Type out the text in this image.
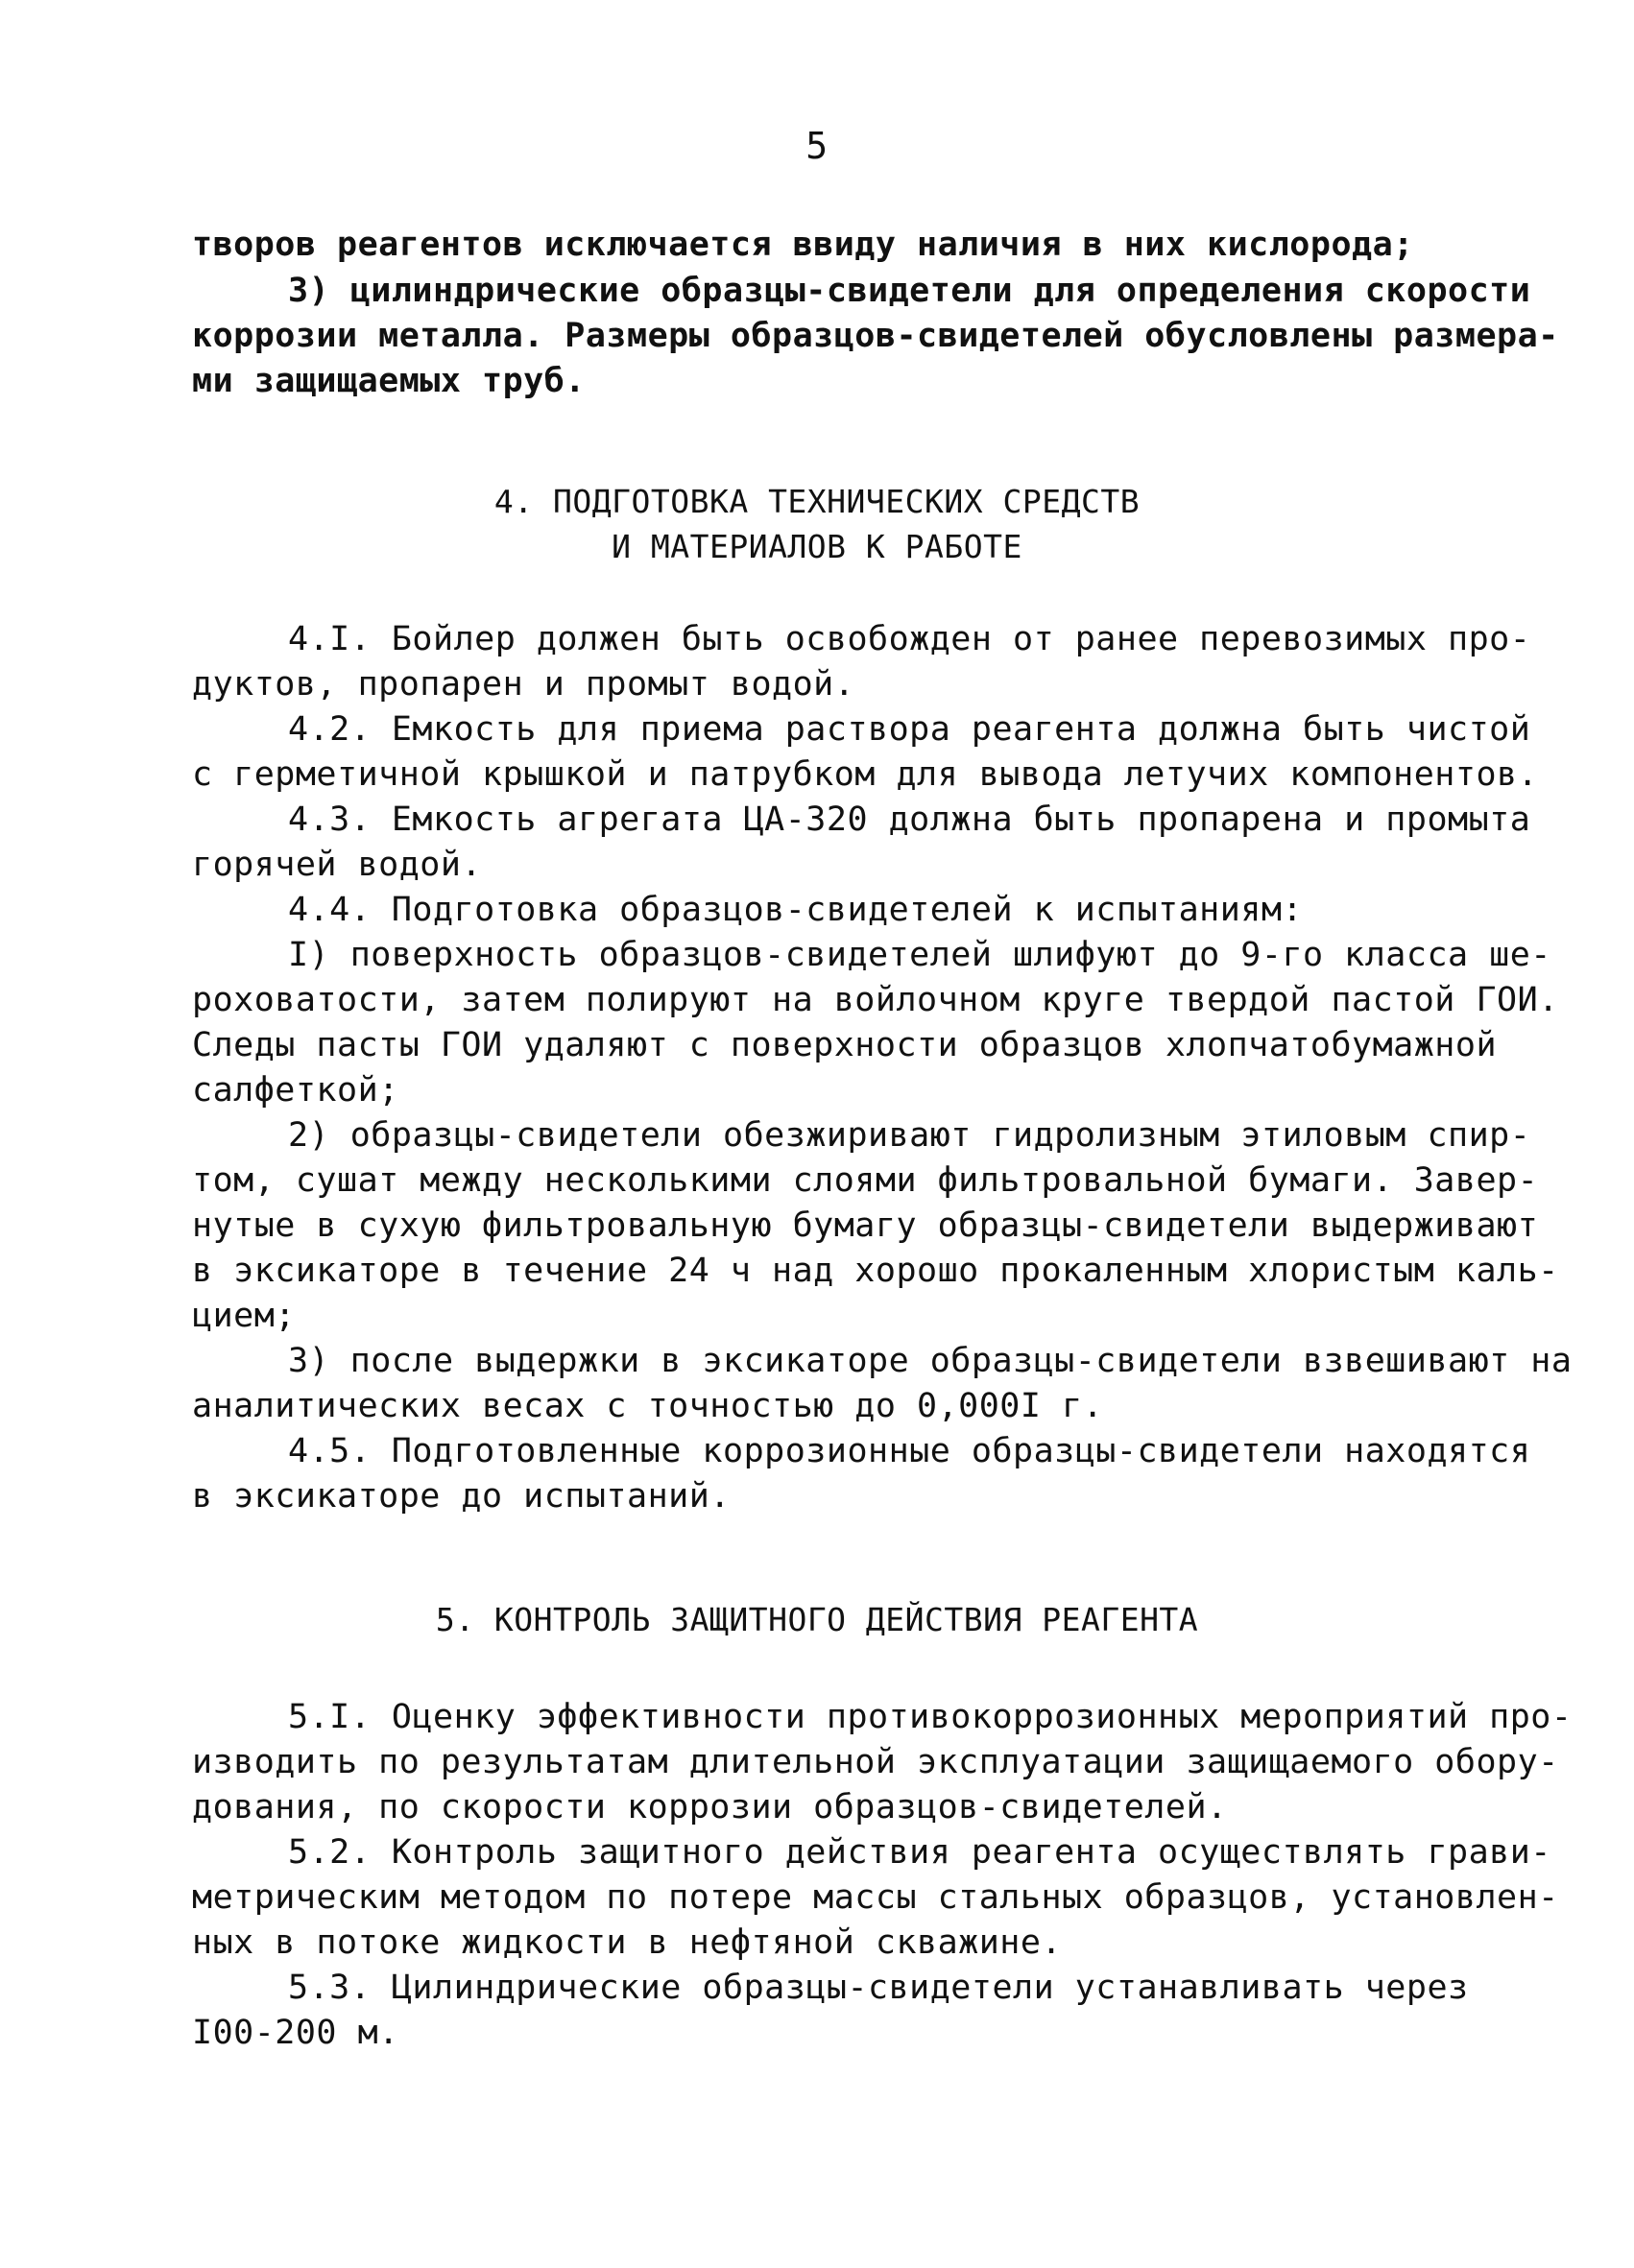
5
творов реагентов исключается ввиду наличия в них кислорода;
3) цилиндрические образцы-свидетели для определения скорости
коррозии металла. Размеры образцов-свидетелей обусловлены размера-
ми защищаемых труб.
4. ПОДГОТОВКА ТЕХНИЧЕСКИХ СРЕДСТВ
И МАТЕРИАЛОВ К РАБОТЕ
4.I. Бойлер должен быть освобожден от ранее перевозимых про-
дуктов, пропарен и промыт водой.
4.2. Емкость для приема раствора реагента должна быть чистой
с герметичной крышкой и патрубком для вывода летучих компонентов.
4.3. Емкость агрегата ЦА-320 должна быть пропарена и промыта
горячей водой.
4.4. Подготовка образцов-свидетелей к испытаниям:
I) поверхность образцов-свидетелей шлифуют до 9-го класса ше-
роховатости, затем полируют на войлочном круге твердой пастой ГОИ.
Следы пасты ГОИ удаляют с поверхности образцов хлопчатобумажной
салфеткой;
2) образцы-свидетели обезжиривают гидролизным этиловым спир-
том, сушат между несколькими слоями фильтровальной бумаги. Завер-
нутые в сухую фильтровальную бумагу образцы-свидетели выдерживают
в эксикаторе в течение 24 ч над хорошо прокаленным хлористым каль-
цием;
3) после выдержки в эксикаторе образцы-свидетели взвешивают на
аналитических весах с точностью до 0,000I г.
4.5. Подготовленные коррозионные образцы-свидетели находятся
в эксикаторе до испытаний.
5. КОНТРОЛЬ ЗАЩИТНОГО ДЕЙСТВИЯ РЕАГЕНТА
5.I. Оценку эффективности противокоррозионных мероприятий про-
изводить по результатам длительной эксплуатации защищаемого обору-
дования, по скорости коррозии образцов-свидетелей.
5.2. Контроль защитного действия реагента осуществлять грави-
метрическим методом по потере массы стальных образцов, установлен-
ных в потоке жидкости в нефтяной скважине.
5.3. Цилиндрические образцы-свидетели устанавливать через
I00-200 м.
